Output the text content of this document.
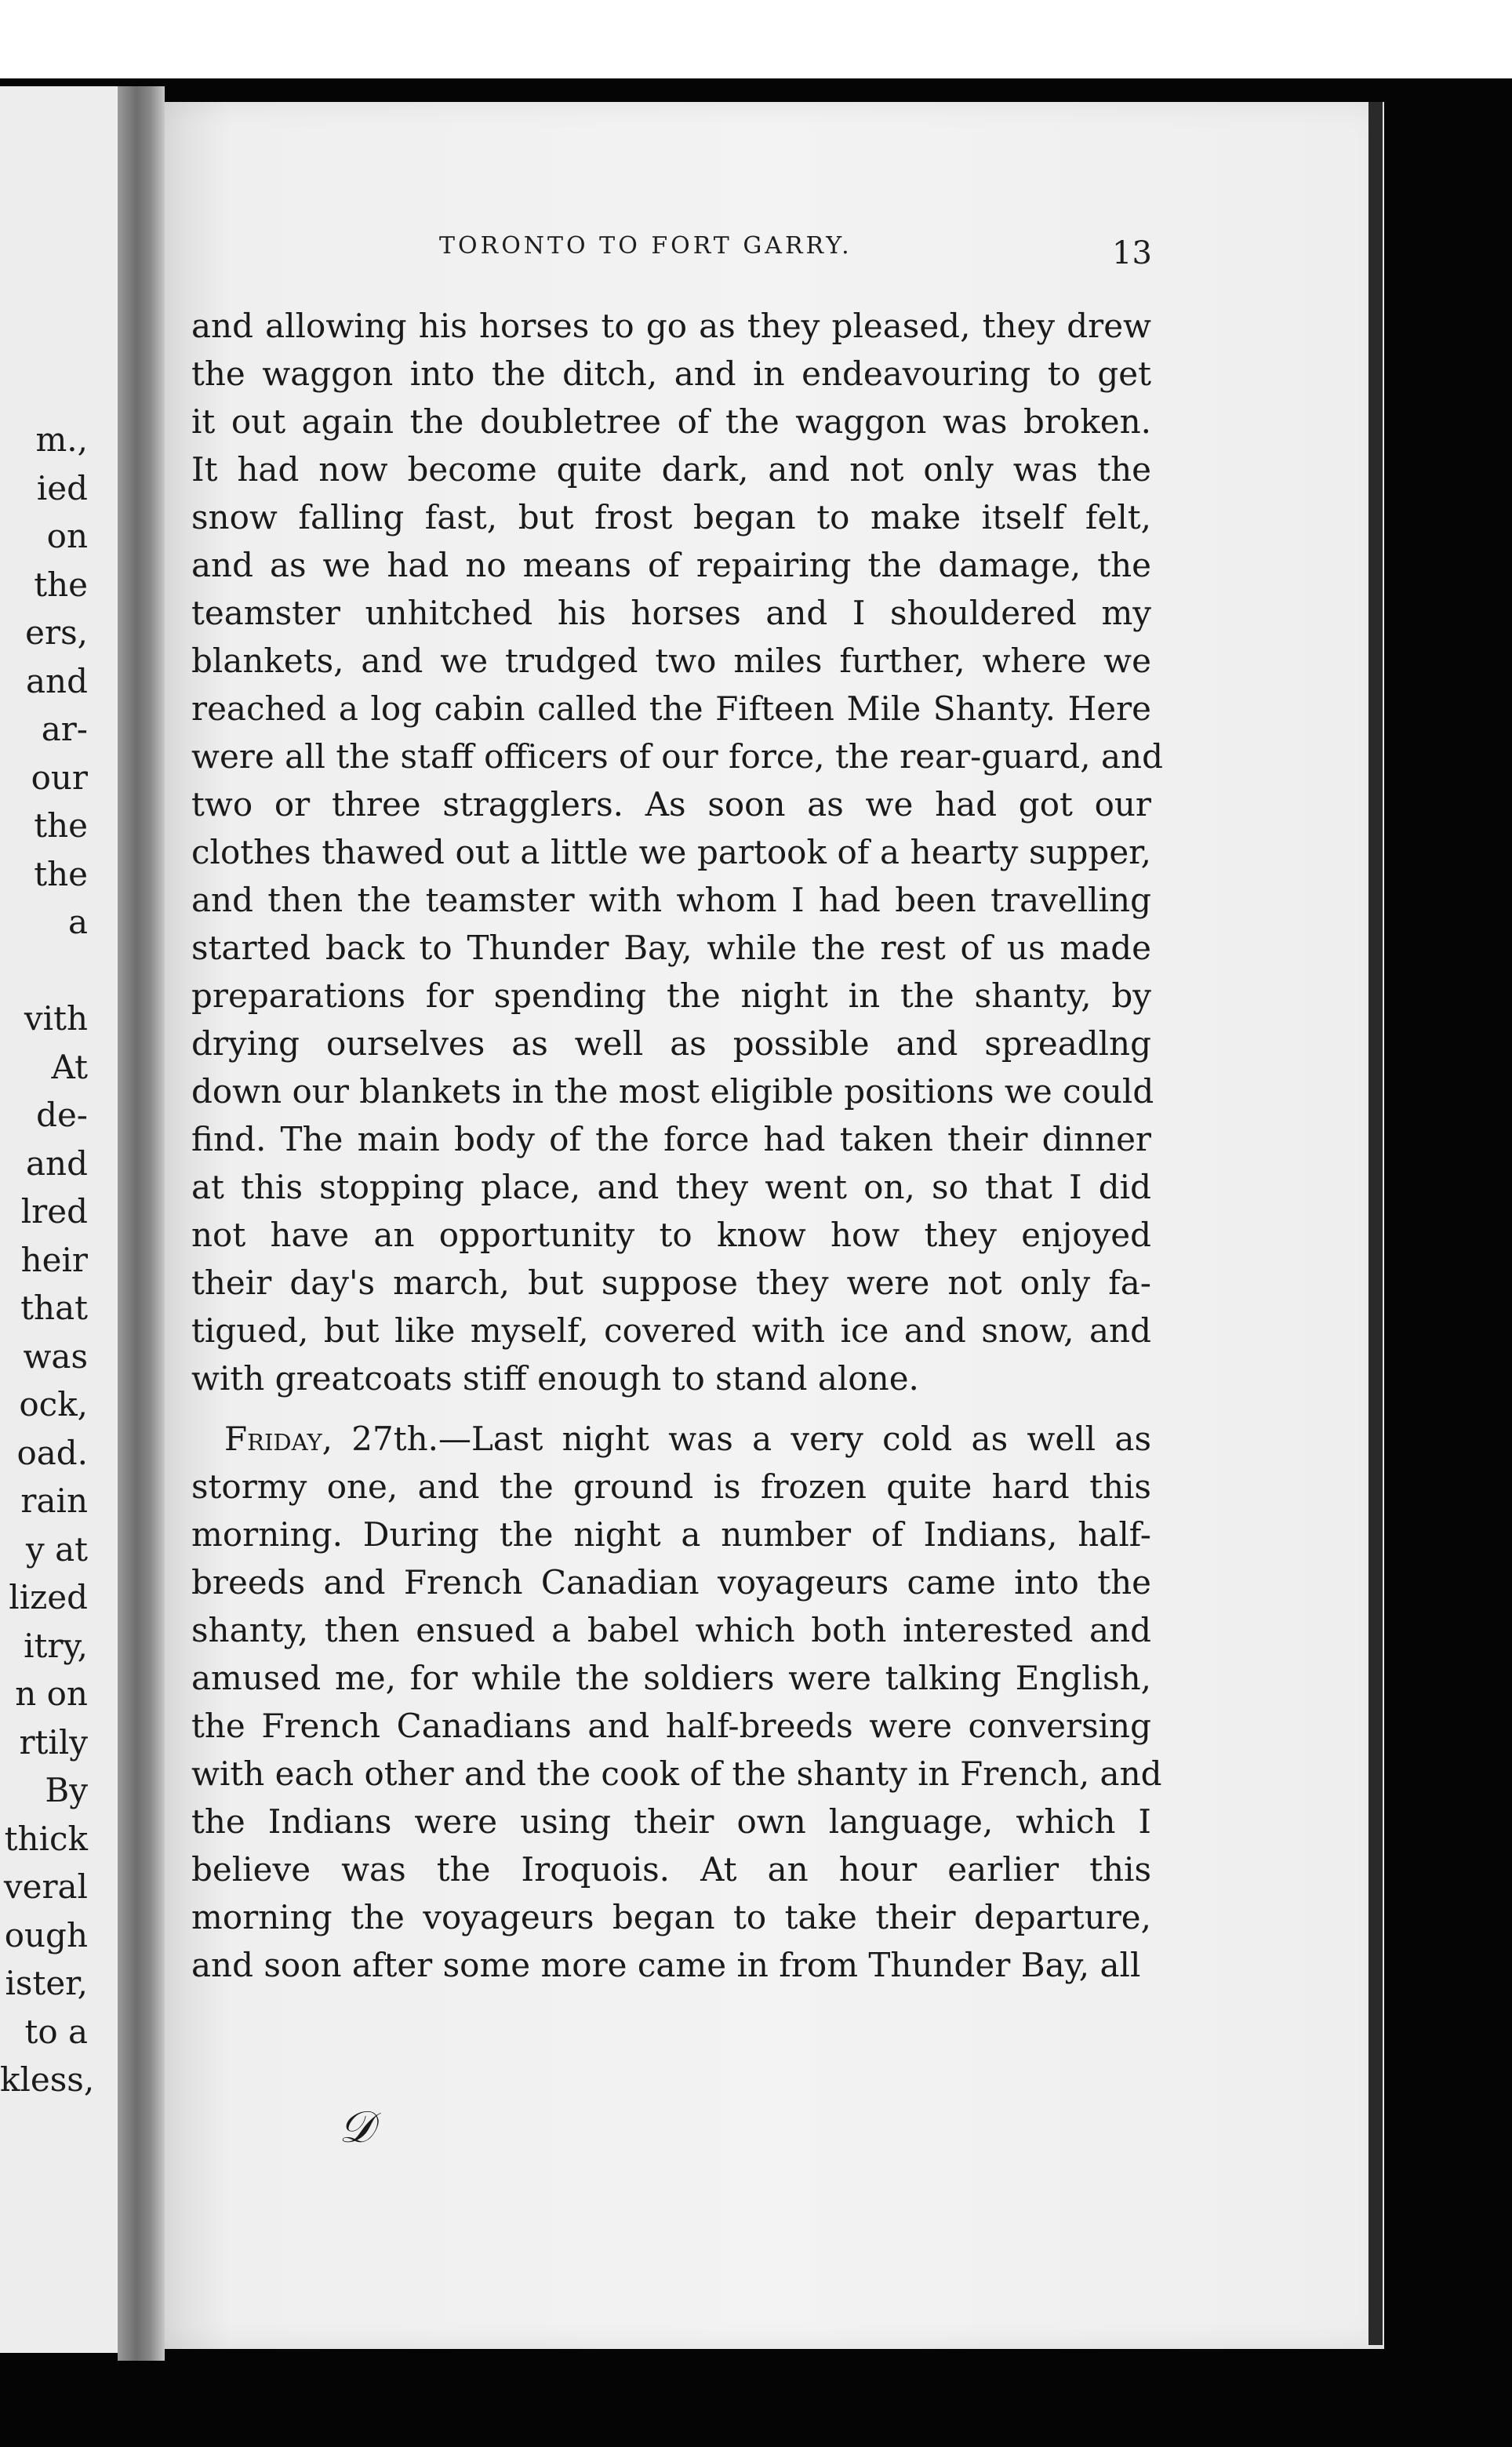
m.,
ied
on
the
ers,
and
ar-
our
the
the
a
vith
At
de-
and
lred
heir
that
was
ock,
oad.
rain
y at
lized
itry,
n on
rtily
By
thick
veral
ough
ister,
to a
kless,
TORONTO TO FORT GARRY.	13
and allowing his horses to go as they pleased, they drew
the waggon into the ditch, and in endeavouring to get
it out again the doubletree of the waggon was broken.
It had now become quite dark, and not only was the
snow falling fast, but frost began to make itself felt,
and as we had no means of repairing the damage, the
teamster unhitched his horses and I shouldered my
blankets, and we trudged two miles further, where we
reached a log cabin called the Fifteen Mile Shanty. Here
were all the staff officers of our force, the rear-guard, and
two or three stragglers. As soon as we had got our
clothes thawed out a little we partook of a hearty supper,
and then the teamster with whom I had been travelling
started back to Thunder Bay, while the rest of us made
preparations for spending the night in the shanty, by
drying ourselves as well as possible and spreadlng
down our blankets in the most eligible positions we could
find. The main body of the force had taken their dinner
at this stopping place, and they went on, so that I did
not have an opportunity to know how they enjoyed
their day's march, but suppose they were not only fa-
tigued, but like myself, covered with ice and snow, and
with greatcoats stiff enough to stand alone.
 Friday, 27th.—Last night was a very cold as well as
stormy one, and the ground is frozen quite hard this
morning. During the night a number of Indians, half-
breeds and French Canadian voyageurs came into the
shanty, then ensued a babel which both interested and
amused me, for while the soldiers were talking English,
the French Canadians and half-breeds were conversing
with each other and the cook of the shanty in French, and
the Indians were using their own language, which I
believe was the Iroquois. At an hour earlier this
morning the voyageurs began to take their departure,
and soon after some more came in from Thunder Bay, all
𝒟
